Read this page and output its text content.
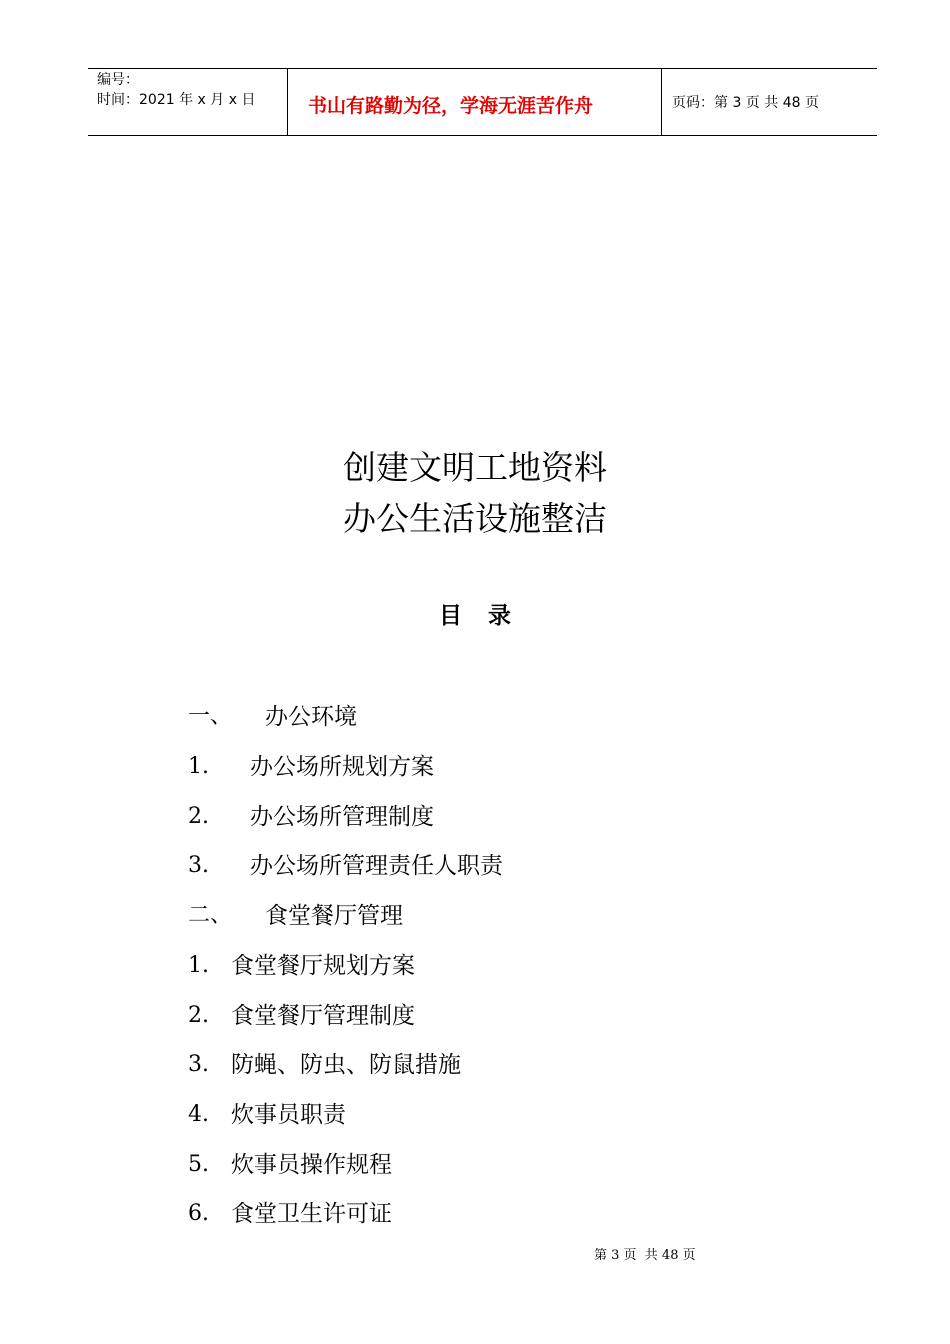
编号：
时间：2021 年 x 月 x 日	书山有路勤为径，学海无涯苦作舟	页码：第 3 页 共 48 页
创建文明工地资料
办公生活设施整洁
目录
一、 办公环境
1. 办公场所规划方案
2. 办公场所管理制度
3. 办公场所管理责任人职责
二、 食堂餐厅管理
1. 食堂餐厅规划方案
2. 食堂餐厅管理制度
3. 防蝇、防虫、防鼠措施
4. 炊事员职责
5. 炊事员操作规程
6. 食堂卫生许可证
第 3 页  共 48 页
